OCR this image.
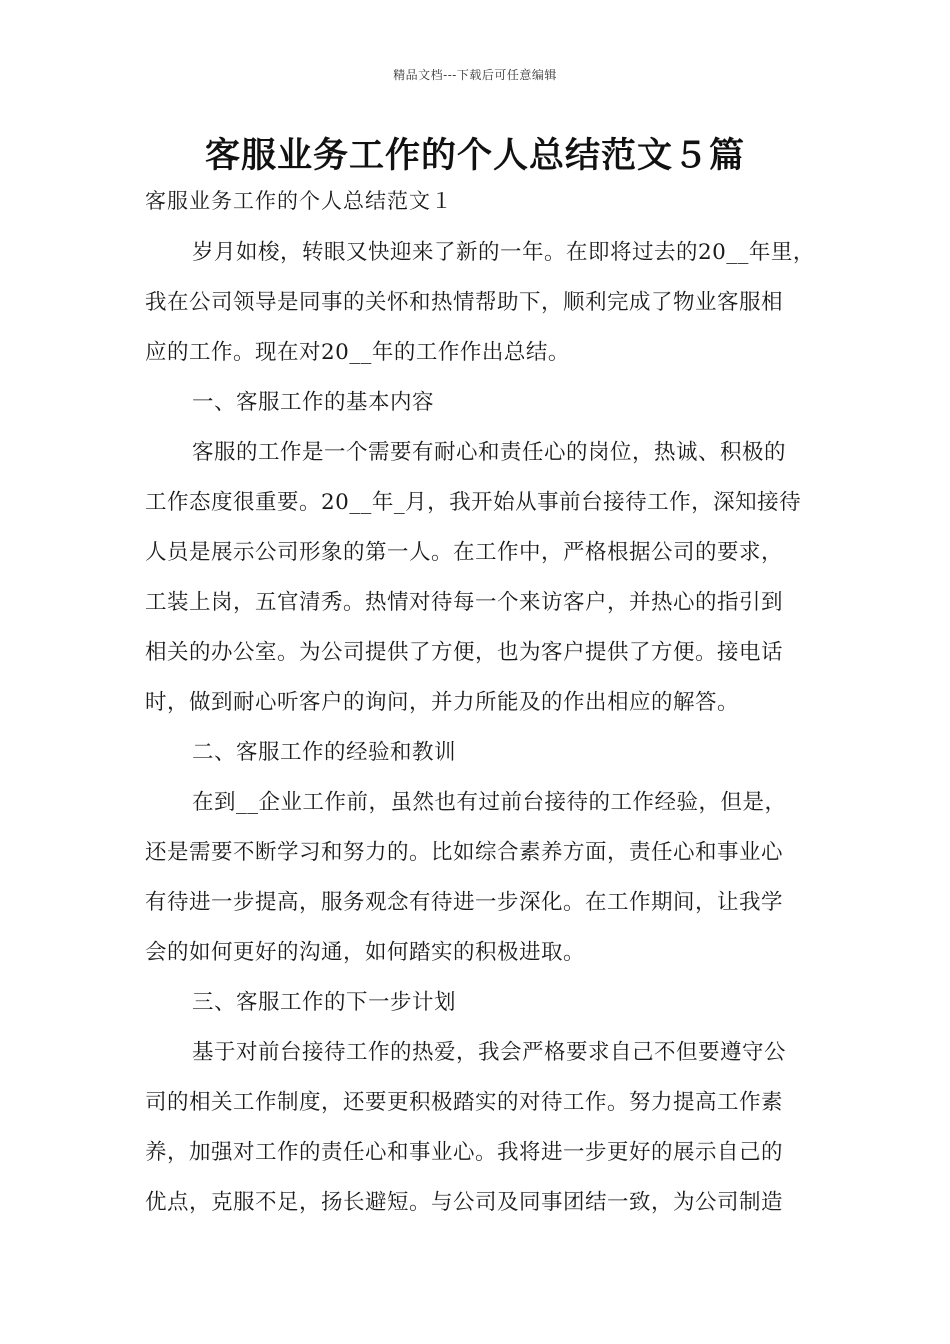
精品文档---下载后可任意编辑
客服业务工作的个人总结范文５篇
客服业务工作的个人总结范文１
岁月如梭，转眼又快迎来了新的一年。在即将过去的20__年里，
我在公司领导是同事的关怀和热情帮助下，顺利完成了物业客服相
应的工作。现在对20__年的工作作出总结。
一、客服工作的基本内容
客服的工作是一个需要有耐心和责任心的岗位，热诚、积极的
工作态度很重要。20__年_月，我开始从事前台接待工作，深知接待
人员是展示公司形象的第一人。在工作中，严格根据公司的要求，
工装上岗，五官清秀。热情对待每一个来访客户，并热心的指引到
相关的办公室。为公司提供了方便，也为客户提供了方便。接电话
时，做到耐心听客户的询问，并力所能及的作出相应的解答。
二、客服工作的经验和教训
在到__企业工作前，虽然也有过前台接待的工作经验，但是，
还是需要不断学习和努力的。比如综合素养方面，责任心和事业心
有待进一步提高，服务观念有待进一步深化。在工作期间，让我学
会的如何更好的沟通，如何踏实的积极进取。
三、客服工作的下一步计划
基于对前台接待工作的热爱，我会严格要求自己不但要遵守公
司的相关工作制度，还要更积极踏实的对待工作。努力提高工作素
养，加强对工作的责任心和事业心。我将进一步更好的展示自己的
优点，克服不足，扬长避短。与公司及同事团结一致，为公司制造
